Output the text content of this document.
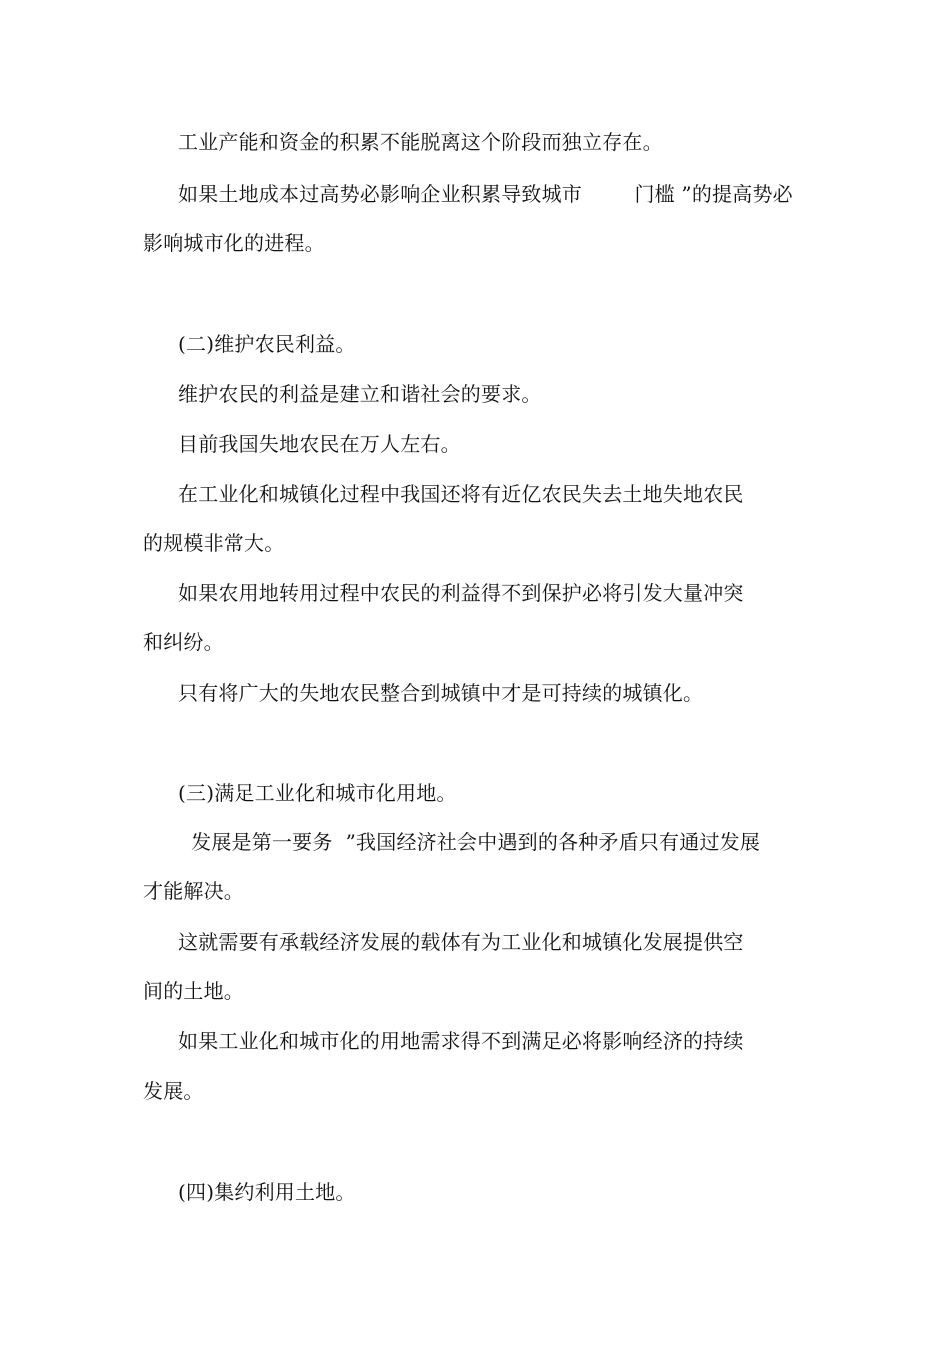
工业产能和资金的积累不能脱离这个阶段而独立存在。
如果土地成本过高势必影响企业积累导致城市        门槛 ”的提高势必
影响城市化的进程。
(二)维护农民利益。
维护农民的利益是建立和谐社会的要求。
目前我国失地农民在万人左右。
在工业化和城镇化过程中我国还将有近亿农民失去土地失地农民
的规模非常大。
如果农用地转用过程中农民的利益得不到保护必将引发大量冲突
和纠纷。
只有将广大的失地农民整合到城镇中才是可持续的城镇化。
(三)满足工业化和城市化用地。
发展是第一要务  ”我国经济社会中遇到的各种矛盾只有通过发展
才能解决。
这就需要有承载经济发展的载体有为工业化和城镇化发展提供空
间的土地。
如果工业化和城市化的用地需求得不到满足必将影响经济的持续
发展。
(四)集约利用土地。
